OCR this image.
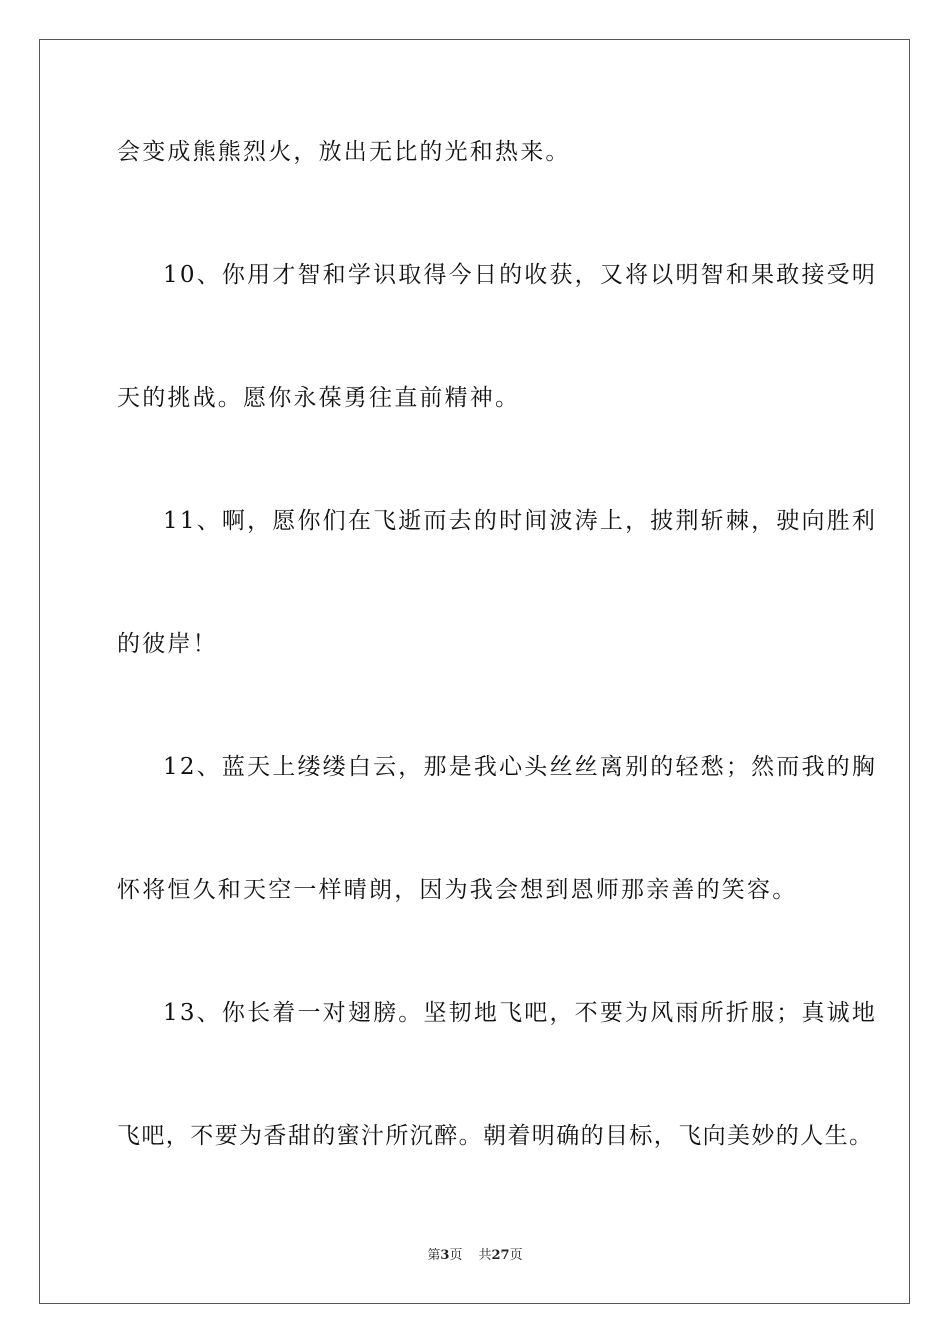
会变成熊熊烈火，放出无比的光和热来。
10、你用才智和学识取得今日的收获，又将以明智和果敢接受明
天的挑战。愿你永葆勇往直前精神。
11、啊，愿你们在飞逝而去的时间波涛上，披荆斩棘，驶向胜利
的彼岸！
12、蓝天上缕缕白云，那是我心头丝丝离别的轻愁；然而我的胸
怀将恒久和天空一样晴朗，因为我会想到恩师那亲善的笑容。
13、你长着一对翅膀。坚韧地飞吧，不要为风雨所折服；真诚地
飞吧，不要为香甜的蜜汁所沉醉。朝着明确的目标，飞向美妙的人生。
第3页 共27页
